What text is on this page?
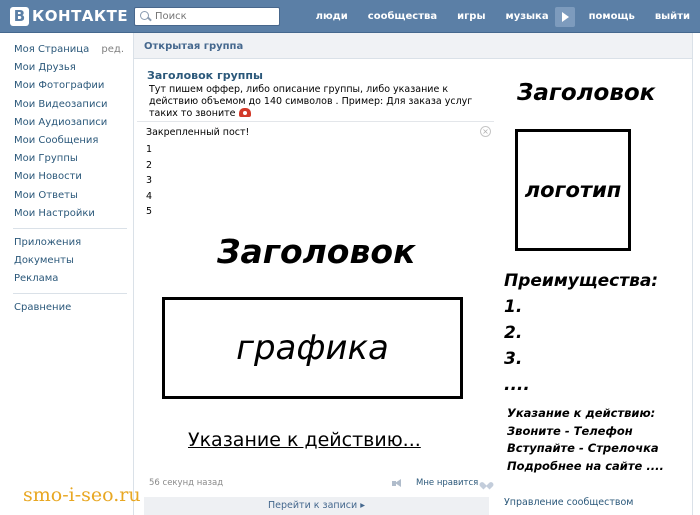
В КОНТАКТЕ
Поиск	люди	сообщества	игры	музыка	помощь	выйти
Моя Страница ред.
Мои Друзья
Мои Фотографии
Мои Видеозаписи
Мои Аудиозаписи
Мои Сообщения
Мои Группы
Мои Новости
Мои Ответы
Мои Настройки
Приложения
Документы
Реклама
Сравнение
Открытая группа
Заголовок группы
Тут пишем оффер, либо описание группы, либо указание к действию объемом до 140 символов . Пример: Для заказа услуг таких то звоните
Закрепленный пост!	×
1
2
3
4
5
Заголовок
графика
Указание к действию...
56 секунд назад	Мне нравится
Перейти к записи ▸
Заголовок
логотип
Преимущества:
1.
2.
3.
....
Указание к действию:
Звоните - Телефон
Вступайте - Стрелочка
Подробнее на сайте ....
Управление сообществом
smo-i-seo.ru
